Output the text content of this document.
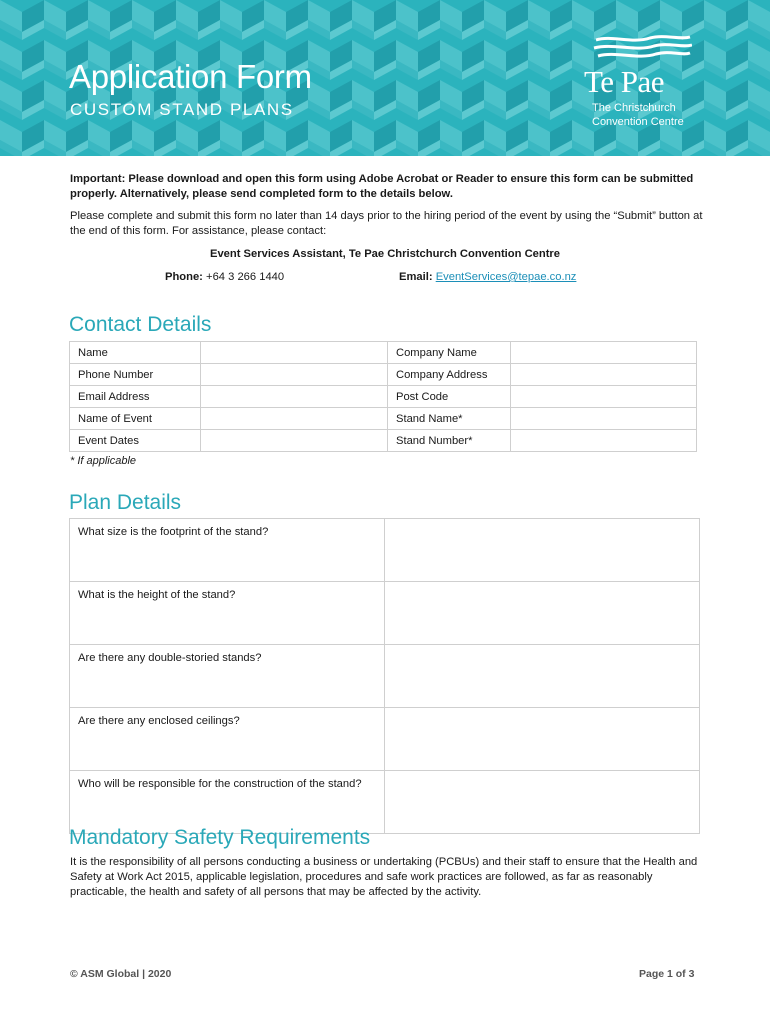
Application Form

CUSTOM STAND PLANS

Te Pae
The Christchurch
Convention Centre

Important: Please download and open this form using Adobe Acrobat or Reader to ensure this form can be submitted properly. Alternatively, please send completed form to the details below.

Please complete and submit this form no later than 14 days prior to the hiring period of the event by using the “Submit” button at the end of this form. For assistance, please contact:

Event Services Assistant, Te Pae Christchurch Convention Centre

Phone: +64 3 266 1440	Email: EventServices@tepae.co.nz
Contact Details
Name		Company Name	
Phone Number		Company Address	
Email Address		Post Code	
Name of Event		Stand Name*	
Event Dates		Stand Number*	
* If applicable
Plan Details
What size is the footprint of the stand?	
What is the height of the stand?	
Are there any double-storied stands?	
Are there any enclosed ceilings?	
Who will be responsible for the construction of the stand?	
Mandatory Safety Requirements

It is the responsibility of all persons conducting a business or undertaking (PCBUs) and their staff to ensure that the Health and Safety at Work Act 2015, applicable legislation, procedures and safe work practices are followed, as far as reasonably practicable, the health and safety of all persons that may be affected by the activity.

© ASM Global | 2020	Page 1 of 3
